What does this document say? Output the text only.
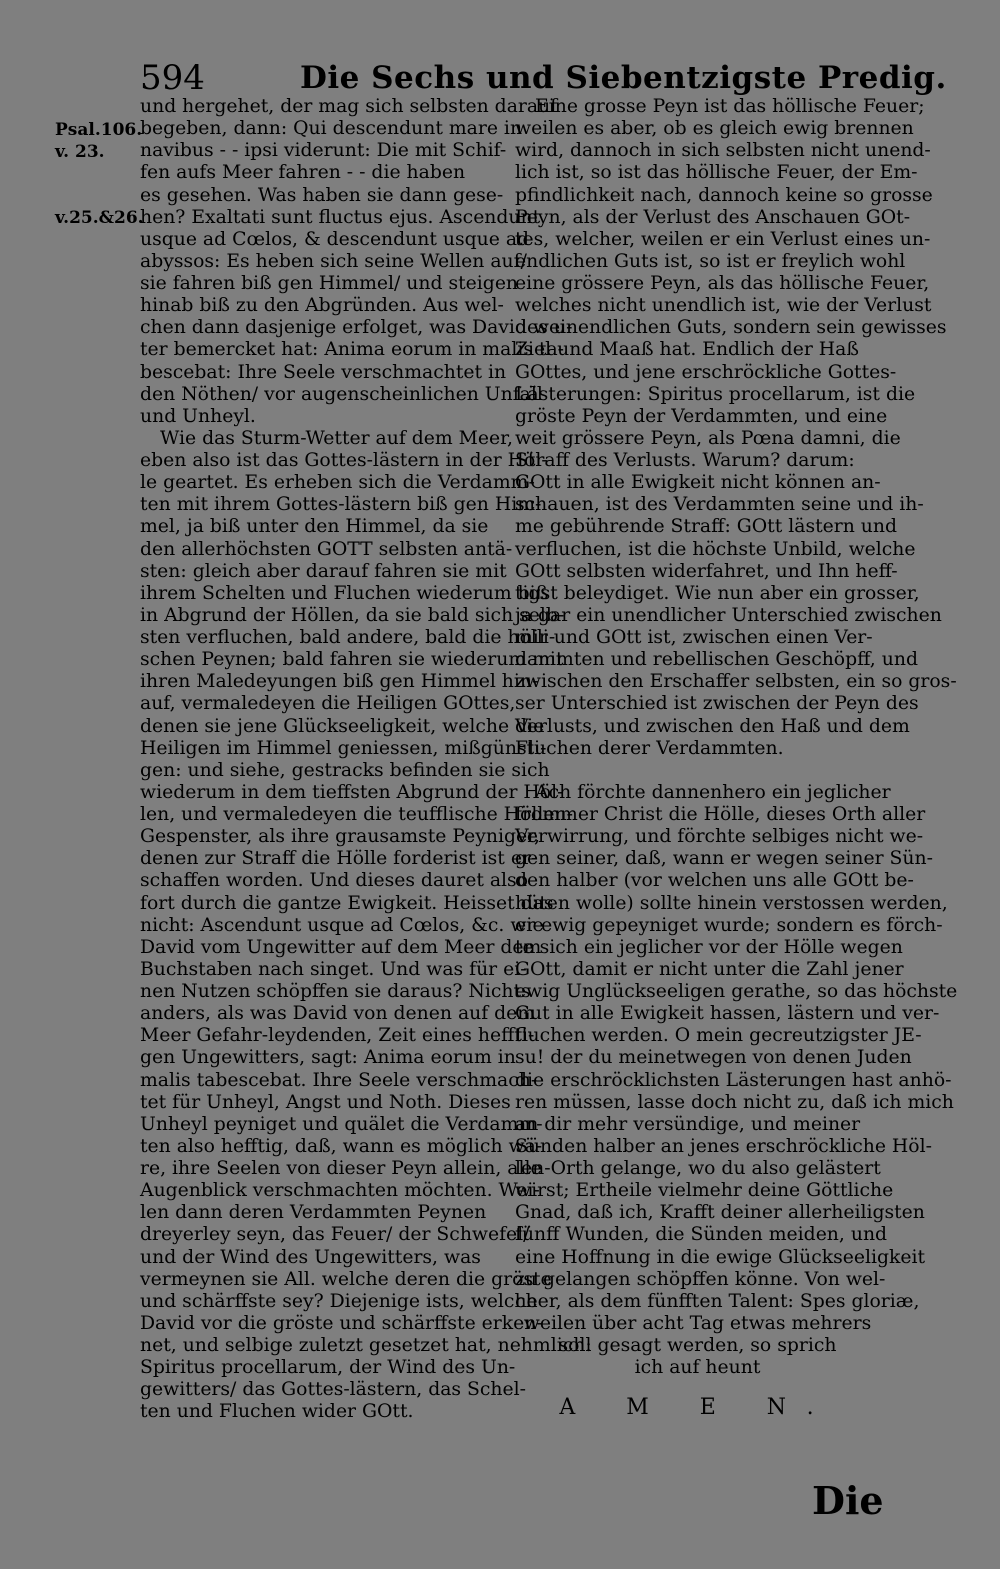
594	Die Sechs und Siebentzigste Predig.
Psal.106.
v. 23.
v.25.&26.
und hergehet, der mag sich selbsten darauf
begeben, dann: Qui descendunt mare in
navibus - - ipsi viderunt: Die mit Schif-
fen aufs Meer fahren - - die haben
es gesehen. Was haben sie dann gese-
hen? Exaltati sunt fluctus ejus. Ascendunt
usque ad Cœlos, & descendunt usque ad
abyssos: Es heben sich seine Wellen auf/
sie fahren biß gen Himmel/ und steigen
hinab biß zu den Abgründen. Aus wel-
chen dann dasjenige erfolget, was David wei-
ter bemercket hat: Anima eorum in malis ta-
bescebat: Ihre Seele verschmachtet in
den Nöthen/ vor augenscheinlichen Unfall
und Unheyl.
Wie das Sturm-Wetter auf dem Meer,
eben also ist das Gottes-lästern in der Höl-
le geartet. Es erheben sich die Verdamm-
ten mit ihrem Gottes-lästern biß gen Him-
mel, ja biß unter den Himmel, da sie
den allerhöchsten GOTT selbsten antä-
sten: gleich aber darauf fahren sie mit
ihrem Schelten und Fluchen wiederum biß
in Abgrund der Höllen, da sie bald sich selb-
sten verfluchen, bald andere, bald die hölli-
schen Peynen; bald fahren sie wiederum mit
ihren Maledeyungen biß gen Himmel hin-
auf, vermaledeyen die Heiligen GOttes,
denen sie jene Glückseeligkeit, welche die
Heiligen im Himmel geniessen, mißgünsti-
gen: und siehe, gestracks befinden sie sich
wiederum in dem tieffsten Abgrund der Höl-
len, und vermaledeyen die teufflische Höllen-
Gespenster, als ihre grausamste Peyniger,
denen zur Straff die Hölle forderist ist er-
schaffen worden. Und dieses dauret also
fort durch die gantze Ewigkeit. Heisset das
nicht: Ascendunt usque ad Cœlos, &c. wie
David vom Ungewitter auf dem Meer dem
Buchstaben nach singet. Und was für ei-
nen Nutzen schöpffen sie daraus? Nichts
anders, als was David von denen auf dem
Meer Gefahr-leydenden, Zeit eines heffti-
gen Ungewitters, sagt: Anima eorum in
malis tabescebat. Ihre Seele verschmach-
tet für Unheyl, Angst und Noth. Dieses
Unheyl peyniget und quälet die Verdamm-
ten also hefftig, daß, wann es möglich wä-
re, ihre Seelen von dieser Peyn allein, alle
Augenblick verschmachten möchten. Wei-
len dann deren Verdammten Peynen
dreyerley seyn, das Feuer/ der Schwefel/
und der Wind des Ungewitters, was
vermeynen sie All. welche deren die gröste
und schärffste sey? Diejenige ists, welche
David vor die gröste und schärffste erken-
net, und selbige zuletzt gesetzet hat, nehmlich:
Spiritus procellarum, der Wind des Un-
gewitters/ das Gottes-lästern, das Schel-
ten und Fluchen wider GOtt.
Eine grosse Peyn ist das höllische Feuer;
weilen es aber, ob es gleich ewig brennen
wird, dannoch in sich selbsten nicht unend-
lich ist, so ist das höllische Feuer, der Em-
pfindlichkeit nach, dannoch keine so grosse
Peyn, als der Verlust des Anschauen GOt-
tes, welcher, weilen er ein Verlust eines un-
endlichen Guts ist, so ist er freylich wohl
eine grössere Peyn, als das höllische Feuer,
welches nicht unendlich ist, wie der Verlust
des unendlichen Guts, sondern sein gewisses
Ziel und Maaß hat. Endlich der Haß
GOttes, und jene erschröckliche Gottes-
Lästerungen: Spiritus procellarum, ist die
gröste Peyn der Verdammten, und eine
weit grössere Peyn, als Pœna damni, die
Straff des Verlusts. Warum? darum:
GOtt in alle Ewigkeit nicht können an-
schauen, ist des Verdammten seine und ih-
me gebührende Straff: GOtt lästern und
verfluchen, ist die höchste Unbild, welche
GOtt selbsten widerfahret, und Ihn heff-
tigst beleydiget. Wie nun aber ein grosser,
ja gar ein unendlicher Unterschied zwischen
mir und GOtt ist, zwischen einen Ver-
dammten und rebellischen Geschöpff, und
zwischen den Erschaffer selbsten, ein so gros-
ser Unterschied ist zwischen der Peyn des
Verlusts, und zwischen den Haß und dem
Fluchen derer Verdammten.
Ach förchte dannenhero ein jeglicher
frommer Christ die Hölle, dieses Orth aller
Verwirrung, und förchte selbiges nicht we-
gen seiner, daß, wann er wegen seiner Sün-
den halber (vor welchen uns alle GOtt be-
hüten wolle) sollte hinein verstossen werden,
er ewig gepeyniget wurde; sondern es förch-
te sich ein jeglicher vor der Hölle wegen
GOtt, damit er nicht unter die Zahl jener
ewig Unglückseeligen gerathe, so das höchste
Gut in alle Ewigkeit hassen, lästern und ver-
fluchen werden. O mein gecreutzigster JE-
su! der du meinetwegen von denen Juden
die erschröcklichsten Lästerungen hast anhö-
ren müssen, lasse doch nicht zu, daß ich mich
an dir mehr versündige, und meiner
Sünden halber an jenes erschröckliche Höl-
len-Orth gelange, wo du also gelästert
wirst; Ertheile vielmehr deine Göttliche
Gnad, daß ich, Krafft deiner allerheiligsten
fünff Wunden, die Sünden meiden, und
eine Hoffnung in die ewige Glückseeligkeit
zu gelangen schöpffen könne. Von wel-
cher, als dem fünfften Talent: Spes gloriæ,
weilen über acht Tag etwas mehrers
soll gesagt werden, so sprich
ich auf heunt
A M E N.
Die
